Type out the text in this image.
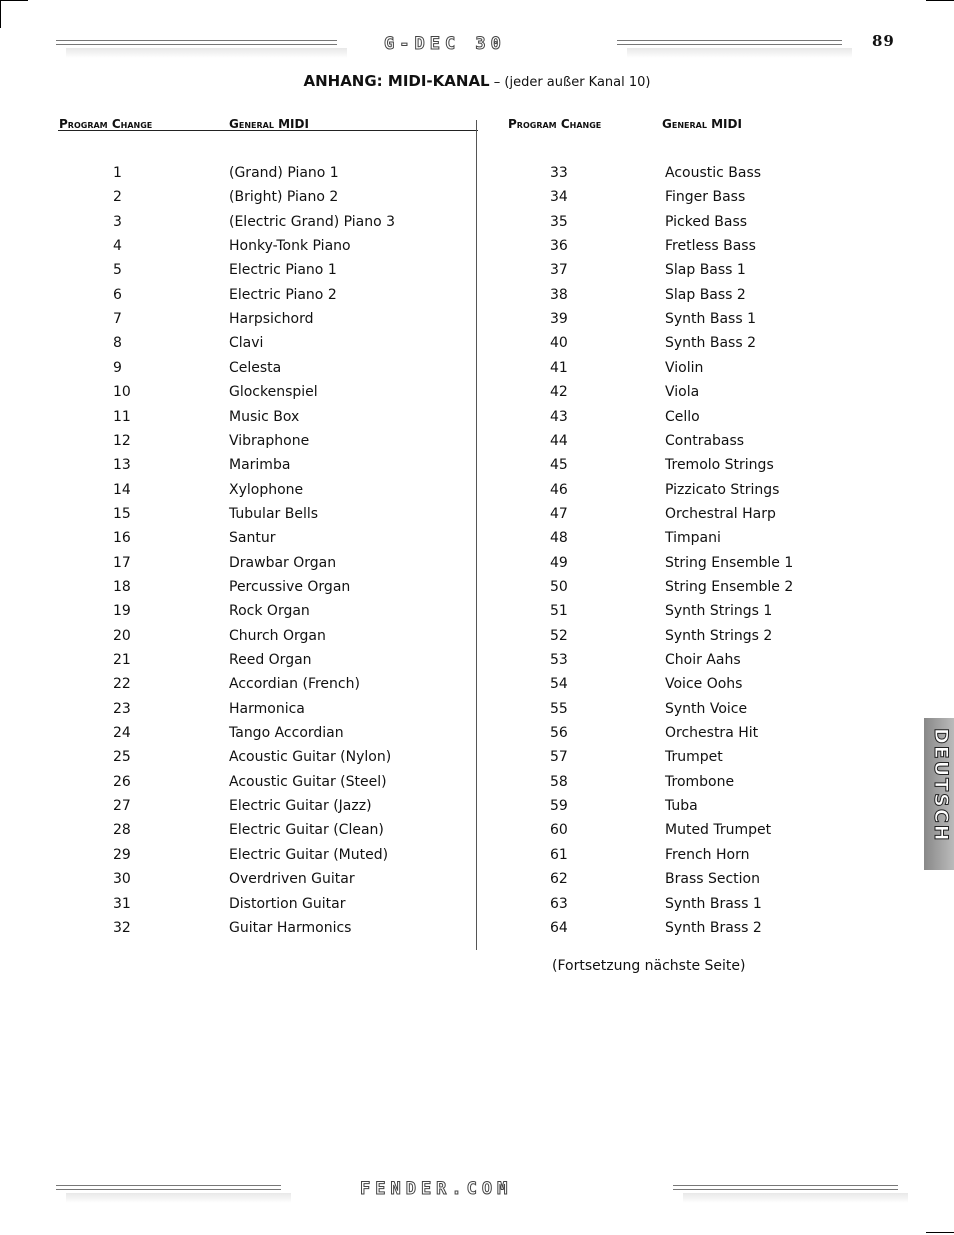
G-DEC 30	89
ANHANG: MIDI-KANAL – (jeder außer Kanal 10)
Program Change	General MIDI	Program Change	General MIDI
1	(Grand) Piano 1
2	(Bright) Piano 2
3	(Electric Grand) Piano 3
4	Honky-Tonk Piano
5	Electric Piano 1
6	Electric Piano 2
7	Harpsichord
8	Clavi
9	Celesta
10	Glockenspiel
11	Music Box
12	Vibraphone
13	Marimba
14	Xylophone
15	Tubular Bells
16	Santur
17	Drawbar Organ
18	Percussive Organ
19	Rock Organ
20	Church Organ
21	Reed Organ
22	Accordian (French)
23	Harmonica
24	Tango Accordian
25	Acoustic Guitar (Nylon)
26	Acoustic Guitar (Steel)
27	Electric Guitar (Jazz)
28	Electric Guitar (Clean)
29	Electric Guitar (Muted)
30	Overdriven Guitar
31	Distortion Guitar
32	Guitar Harmonics
33	Acoustic Bass
34	Finger Bass
35	Picked Bass
36	Fretless Bass
37	Slap Bass 1
38	Slap Bass 2
39	Synth Bass 1
40	Synth Bass 2
41	Violin
42	Viola
43	Cello
44	Contrabass
45	Tremolo Strings
46	Pizzicato Strings
47	Orchestral Harp
48	Timpani
49	String Ensemble 1
50	String Ensemble 2
51	Synth Strings 1
52	Synth Strings 2
53	Choir Aahs
54	Voice Oohs
55	Synth Voice
56	Orchestra Hit
57	Trumpet
58	Trombone
59	Tuba
60	Muted Trumpet
61	French Horn
62	Brass Section
63	Synth Brass 1
64	Synth Brass 2
(Fortsetzung nächste Seite)
DEUTSCH
FENDER.COM
